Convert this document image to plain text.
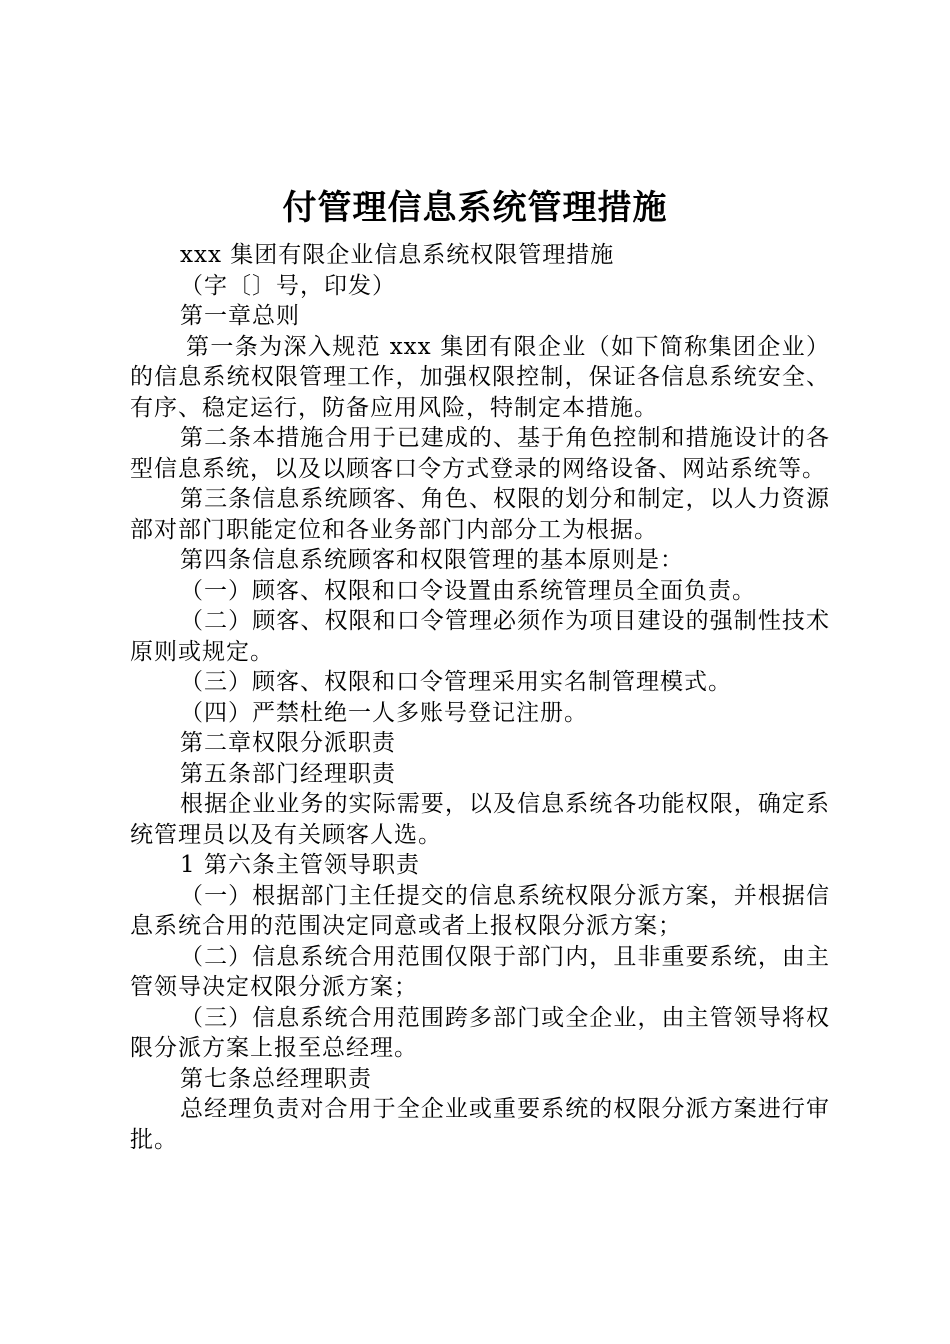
付管理信息系统管理措施

xxx 集团有限企业信息系统权限管理措施

（字〔〕号，印发）

第一章总则

第一条为深入规范 xxx 集团有限企业（如下简称集团企业）的信息系统权限管理工作，加强权限控制，保证各信息系统安全、有序、稳定运行，防备应用风险，特制定本措施。

第二条本措施合用于已建成的、基于角色控制和措施设计的各型信息系统，以及以顾客口令方式登录的网络设备、网站系统等。

第三条信息系统顾客、角色、权限的划分和制定，以人力资源部对部门职能定位和各业务部门内部分工为根据。

第四条信息系统顾客和权限管理的基本原则是：

（一）顾客、权限和口令设置由系统管理员全面负责。

（二）顾客、权限和口令管理必须作为项目建设的强制性技术原则或规定。

（三）顾客、权限和口令管理采用实名制管理模式。

（四）严禁杜绝一人多账号登记注册。

第二章权限分派职责

第五条部门经理职责

根据企业业务的实际需要，以及信息系统各功能权限，确定系统管理员以及有关顾客人选。

1 第六条主管领导职责

（一）根据部门主任提交的信息系统权限分派方案，并根据信息系统合用的范围决定同意或者上报权限分派方案；

（二）信息系统合用范围仅限于部门内，且非重要系统，由主管领导决定权限分派方案；

（三）信息系统合用范围跨多部门或全企业，由主管领导将权限分派方案上报至总经理。

第七条总经理职责

总经理负责对合用于全企业或重要系统的权限分派方案进行审批。
